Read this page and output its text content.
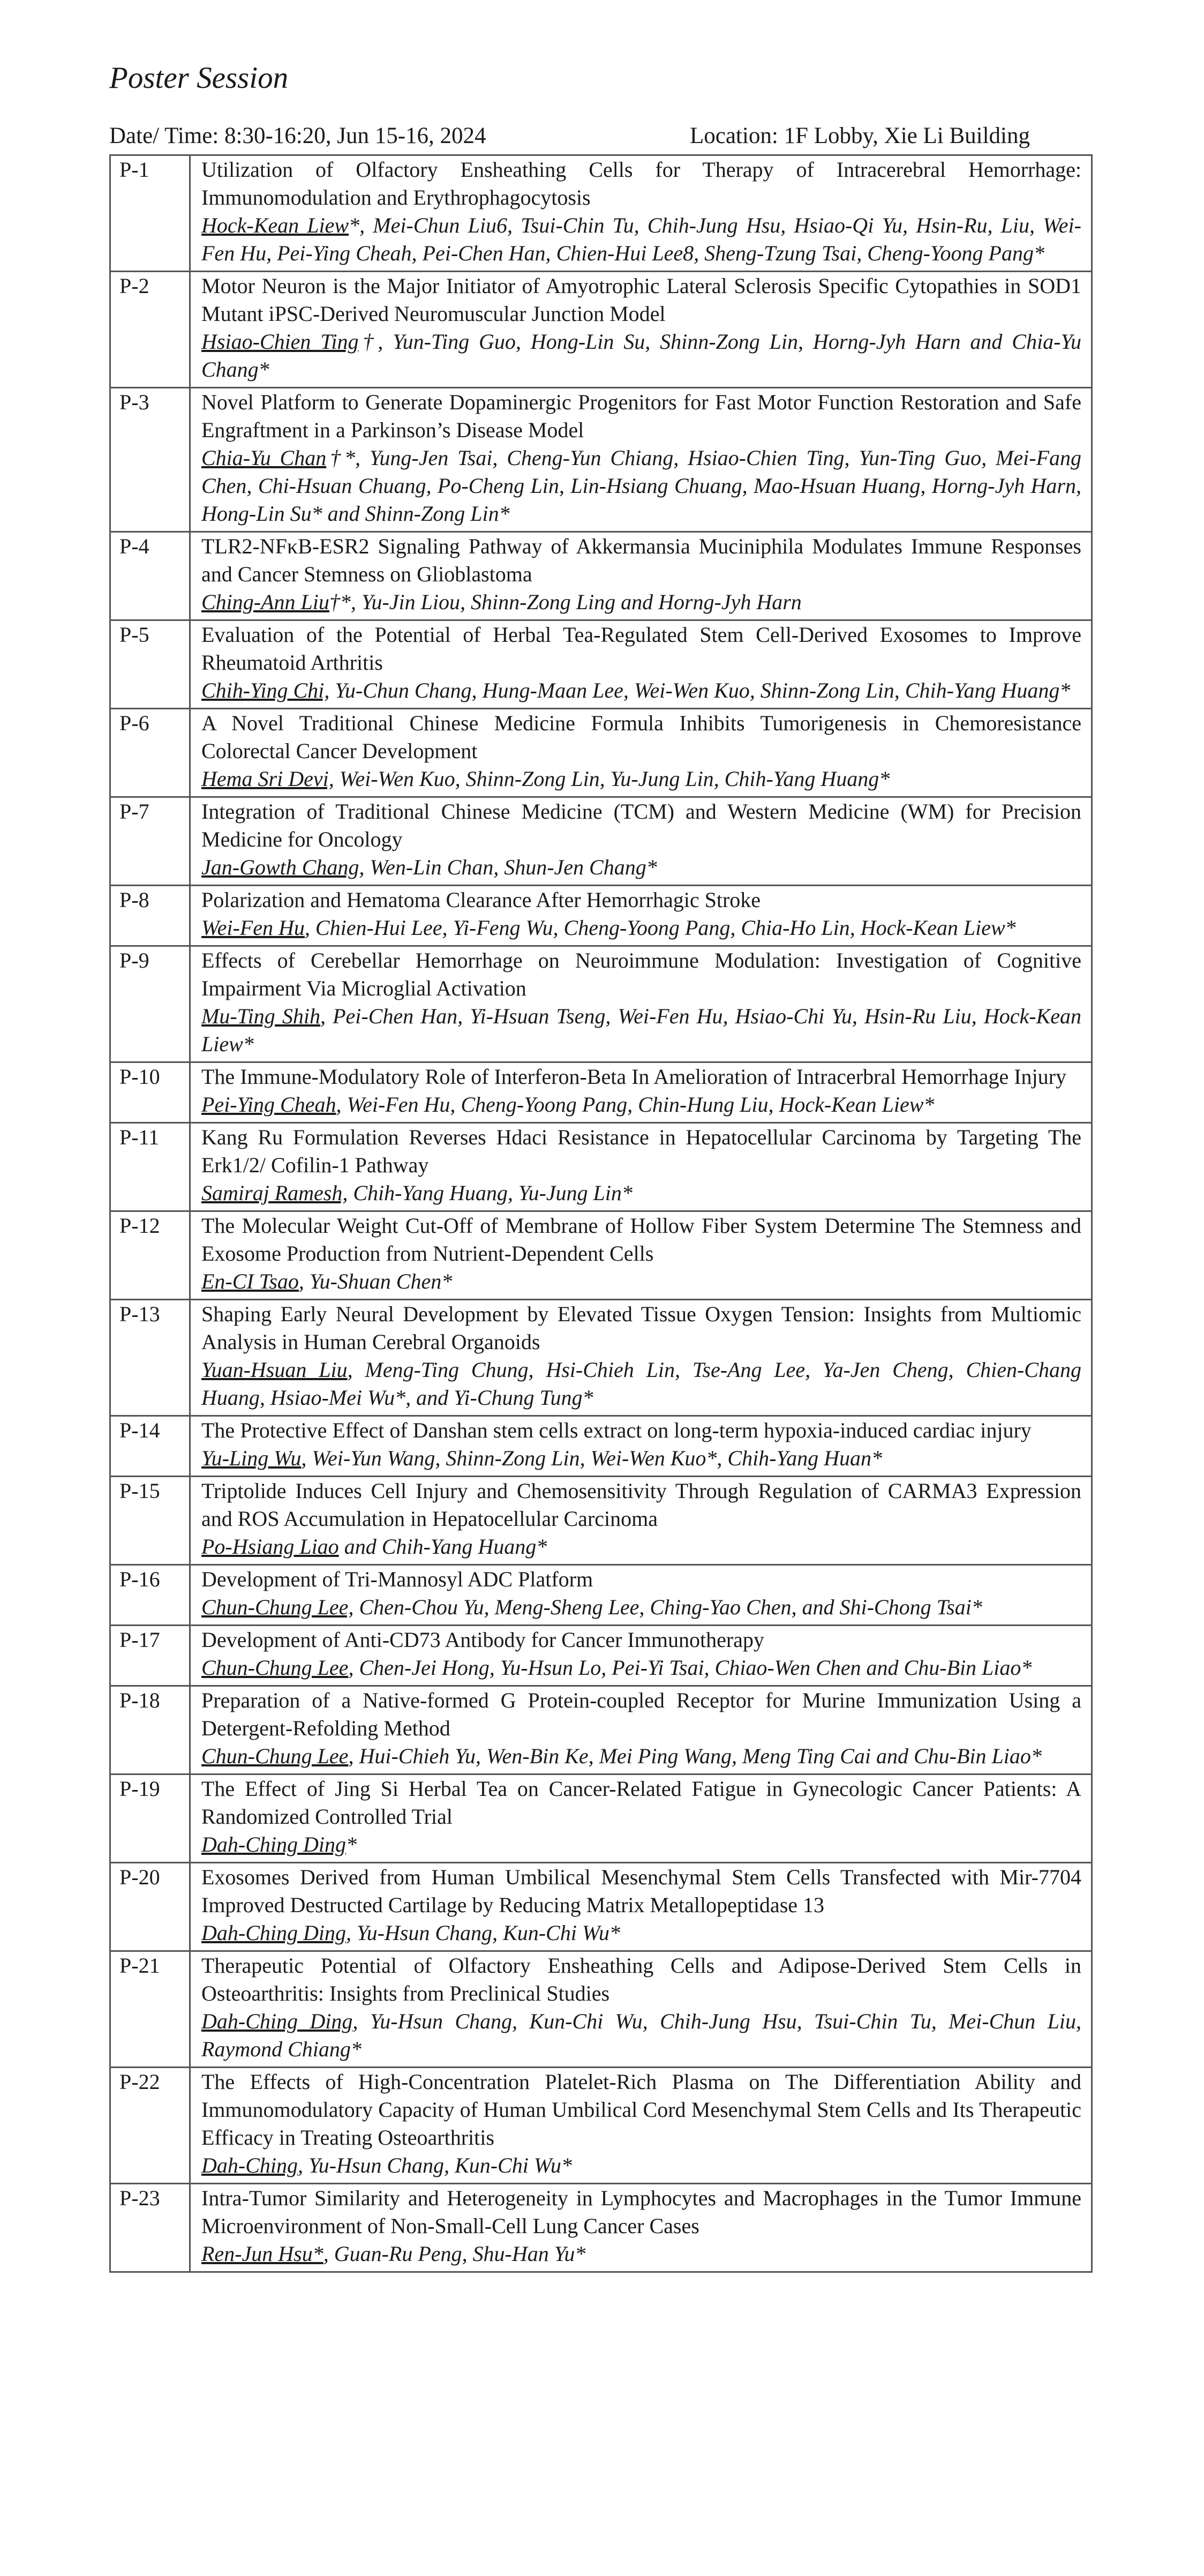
Poster Session
Date/ Time: 8:30-16:20, Jun 15-16, 2024	Location: 1F Lobby, Xie Li Building
P-1	Utilization of Olfactory Ensheathing Cells for Therapy of Intracerebral Hemorrhage: Immunomodulation and Erythrophagocytosis
Hock-Kean Liew*, Mei-Chun Liu6, Tsui-Chin Tu, Chih-Jung Hsu, Hsiao-Qi Yu, Hsin-Ru, Liu, Wei-Fen Hu, Pei-Ying Cheah, Pei-Chen Han, Chien-Hui Lee8, Sheng-Tzung Tsai, Cheng-Yoong Pang*

P-2	Motor Neuron is the Major Initiator of Amyotrophic Lateral Sclerosis Specific Cytopathies in SOD1 Mutant iPSC-Derived Neuromuscular Junction Model
Hsiao-Chien Ting†, Yun-Ting Guo, Hong-Lin Su, Shinn-Zong Lin, Horng-Jyh Harn and Chia-Yu Chang*

P-3	Novel Platform to Generate Dopaminergic Progenitors for Fast Motor Function Restoration and Safe Engraftment in a Parkinson’s Disease Model
Chia-Yu Chan†*, Yung-Jen Tsai, Cheng-Yun Chiang, Hsiao-Chien Ting, Yun-Ting Guo, Mei-Fang Chen, Chi-Hsuan Chuang, Po-Cheng Lin, Lin-Hsiang Chuang, Mao-Hsuan Huang, Horng-Jyh Harn, Hong-Lin Su* and Shinn-Zong Lin*

P-4	TLR2-NFκB-ESR2 Signaling Pathway of Akkermansia Muciniphila Modulates Immune Responses and Cancer Stemness on Glioblastoma
Ching-Ann Liu†*, Yu-Jin Liou, Shinn-Zong Ling and Horng-Jyh Harn

P-5	Evaluation of the Potential of Herbal Tea-Regulated Stem Cell-Derived Exosomes to Improve Rheumatoid Arthritis
Chih-Ying Chi, Yu-Chun Chang, Hung-Maan Lee, Wei-Wen Kuo, Shinn-Zong Lin, Chih-Yang Huang*

P-6	A Novel Traditional Chinese Medicine Formula Inhibits Tumorigenesis in Chemoresistance Colorectal Cancer Development
Hema Sri Devi, Wei-Wen Kuo, Shinn-Zong Lin, Yu-Jung Lin, Chih-Yang Huang*

P-7	Integration of Traditional Chinese Medicine (TCM) and Western Medicine (WM) for Precision Medicine for Oncology
Jan-Gowth Chang, Wen-Lin Chan, Shun-Jen Chang*

P-8	Polarization and Hematoma Clearance After Hemorrhagic Stroke
Wei-Fen Hu, Chien-Hui Lee, Yi-Feng Wu, Cheng-Yoong Pang, Chia-Ho Lin, Hock-Kean Liew*

P-9	Effects of Cerebellar Hemorrhage on Neuroimmune Modulation: Investigation of Cognitive Impairment Via Microglial Activation
Mu-Ting Shih, Pei-Chen Han, Yi-Hsuan Tseng, Wei-Fen Hu, Hsiao-Chi Yu, Hsin-Ru Liu, Hock-Kean Liew*

P-10	The Immune-Modulatory Role of Interferon-Beta In Amelioration of Intracerbral Hemorrhage Injury
Pei-Ying Cheah, Wei-Fen Hu, Cheng-Yoong Pang, Chin-Hung Liu, Hock-Kean Liew*

P-11	Kang Ru Formulation Reverses Hdaci Resistance in Hepatocellular Carcinoma by Targeting The Erk1/2/ Cofilin-1 Pathway
Samiraj Ramesh, Chih-Yang Huang, Yu-Jung Lin*

P-12	The Molecular Weight Cut-Off of Membrane of Hollow Fiber System Determine The Stemness and Exosome Production from Nutrient-Dependent Cells
En-CI Tsao, Yu-Shuan Chen*

P-13	Shaping Early Neural Development by Elevated Tissue Oxygen Tension: Insights from Multiomic Analysis in Human Cerebral Organoids
Yuan-Hsuan Liu, Meng-Ting Chung, Hsi-Chieh Lin, Tse-Ang Lee, Ya-Jen Cheng, Chien-Chang Huang, Hsiao-Mei Wu*, and Yi-Chung Tung*

P-14	The Protective Effect of Danshan stem cells extract on long-term hypoxia-induced cardiac injury
Yu-Ling Wu, Wei-Yun Wang, Shinn-Zong Lin, Wei-Wen Kuo*, Chih-Yang Huan*

P-15	Triptolide Induces Cell Injury and Chemosensitivity Through Regulation of CARMA3 Expression and ROS Accumulation in Hepatocellular Carcinoma
Po-Hsiang Liao and Chih-Yang Huang*

P-16	Development of Tri-Mannosyl ADC Platform
Chun-Chung Lee, Chen-Chou Yu, Meng-Sheng Lee, Ching-Yao Chen, and Shi-Chong Tsai*

P-17	Development of Anti-CD73 Antibody for Cancer Immunotherapy
Chun-Chung Lee, Chen-Jei Hong, Yu-Hsun Lo, Pei-Yi Tsai, Chiao-Wen Chen and Chu-Bin Liao*

P-18	Preparation of a Native-formed G Protein-coupled Receptor for Murine Immunization Using a Detergent-Refolding Method
Chun-Chung Lee, Hui-Chieh Yu, Wen-Bin Ke, Mei Ping Wang, Meng Ting Cai and Chu-Bin Liao*

P-19	The Effect of Jing Si Herbal Tea on Cancer-Related Fatigue in Gynecologic Cancer Patients: A Randomized Controlled Trial
Dah-Ching Ding*

P-20	Exosomes Derived from Human Umbilical Mesenchymal Stem Cells Transfected with Mir-7704 Improved Destructed Cartilage by Reducing Matrix Metallopeptidase 13
Dah-Ching Ding, Yu-Hsun Chang, Kun-Chi Wu*

P-21	Therapeutic Potential of Olfactory Ensheathing Cells and Adipose-Derived Stem Cells in Osteoarthritis: Insights from Preclinical Studies
Dah-Ching Ding, Yu-Hsun Chang, Kun-Chi Wu, Chih-Jung Hsu, Tsui-Chin Tu, Mei-Chun Liu, Raymond Chiang*

P-22	The Effects of High-Concentration Platelet-Rich Plasma on The Differentiation Ability and Immunomodulatory Capacity of Human Umbilical Cord Mesenchymal Stem Cells and Its Therapeutic Efficacy in Treating Osteoarthritis
Dah-Ching, Yu-Hsun Chang, Kun-Chi Wu*

P-23	Intra-Tumor Similarity and Heterogeneity in Lymphocytes and Macrophages in the Tumor Immune Microenvironment of Non-Small-Cell Lung Cancer Cases
Ren-Jun Hsu*, Guan-Ru Peng, Shu-Han Yu*
